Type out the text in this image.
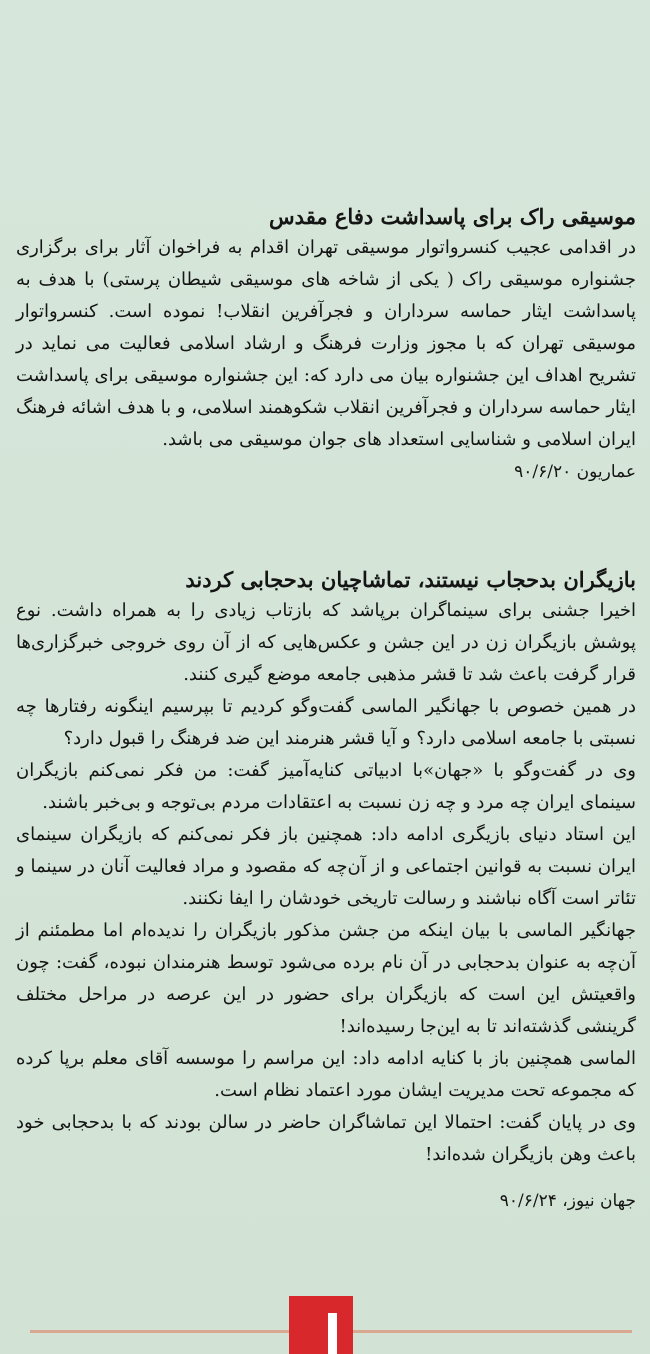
موسیقی راک برای پاسداشت دفاع مقدس

در اقدامی عجیب کنسرواتوار موسیقی تهران اقدام به فراخوان آثار برای برگزاری جشنواره موسیقی راک ( یکی از شاخه های موسیقی شیطان پرستی) با هدف به پاسداشت ایثار حماسه سرداران و فجرآفرین انقلاب! نموده است. کنسرواتوار موسیقی تهران که با مجوز وزارت فرهنگ و ارشاد اسلامی فعالیت می نماید در تشریح اهداف این جشنواره بیان می دارد که: این جشنواره موسیقی برای پاسداشت ایثار حماسه سرداران و فجرآفرین انقلاب شکوهمند اسلامی، و با هدف اشائه فرهنگ ایران اسلامی و شناسایی استعداد های جوان موسیقی می باشد.

عماریون ۹۰/۶/۲۰

بازیگران بدحجاب نیستند، تماشاچیان بدحجابی کردند

اخیرا جشنی برای سینماگران برپاشد که بازتاب زیادی را به همراه داشت. نوع پوشش بازیگران زن در این جشن و عکس‌هایی که از آن روی خروجی خبرگزاری‌ها قرار گرفت باعث شد تا قشر مذهبی جامعه موضع گیری کنند.

در همین خصوص با جهانگیر الماسی گفت‌وگو کردیم تا بپرسیم اینگونه رفتارها چه نسبتی با جامعه اسلامی دارد؟ و آیا قشر هنرمند این ضد فرهنگ را قبول دارد؟

وی در گفت‌وگو با «جهان»با ادبیاتی کنایه‌آمیز گفت: من فکر نمی‌کنم بازیگران سینمای ایران چه مرد و چه زن نسبت به اعتقادات مردم بی‌توجه و بی‌خبر باشند.

این استاد دنیای بازیگری ادامه داد: همچنین باز فکر نمی‌کنم که بازیگران سینمای ایران نسبت به قوانین اجتماعی و از آن‌چه که مقصود و مراد فعالیت آنان در سینما و تئاتر است آگاه نباشند و رسالت تاریخی خودشان را ایفا نکنند.

جهانگیر الماسی با بیان اینکه من جشن مذکور بازیگران را ندیده‌ام اما مطمئنم از آن‌چه به عنوان بدحجابی در آن نام برده می‌شود توسط هنرمندان نبوده، گفت: چون واقعیتش این است که بازیگران برای حضور در این عرصه در مراحل مختلف گرینشی گذشته‌اند تا به این‌جا رسیده‌اند!

الماسی همچنین باز با کنایه ادامه داد: این مراسم را موسسه آقای معلم برپا کرده که مجموعه تحت مدیریت ایشان مورد اعتماد نظام است.

وی در پایان گفت: احتمالا این تماشاگران حاضر در سالن بودند که با بدحجابی خود باعث وهن بازیگران شده‌اند!

جهان نیوز، ۹۰/۶/۲۴
